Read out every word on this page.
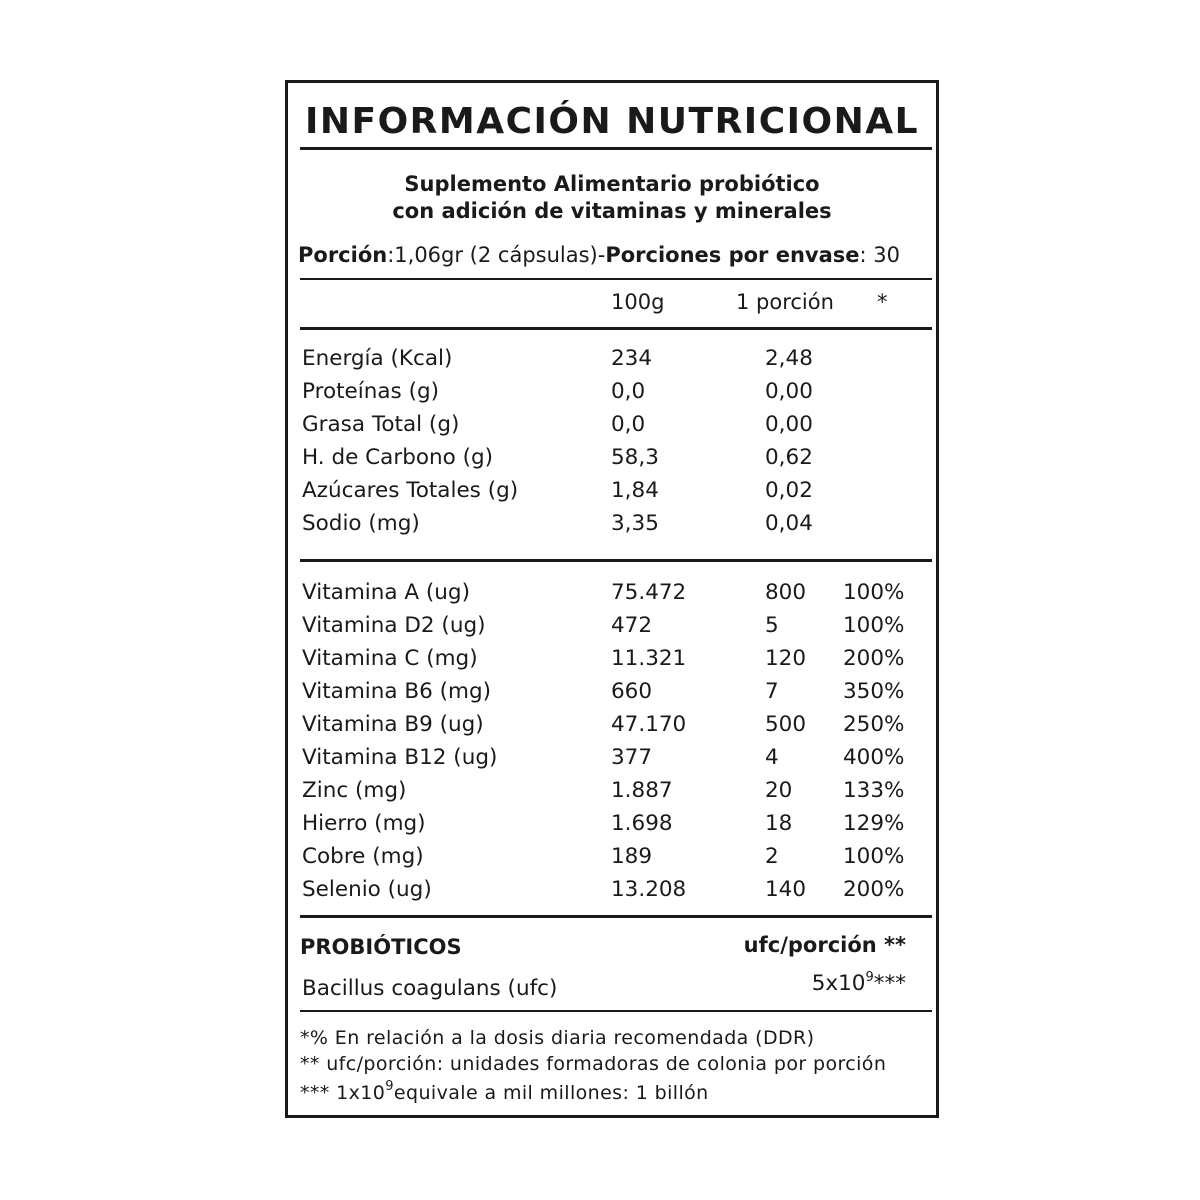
INFORMACIÓN NUTRICIONAL
Suplemento Alimentario probiótico
con adición de vitaminas y minerales
Porción:1,06gr (2 cápsulas)-Porciones por envase: 30
100g	1 porción *
Energía (Kcal)	234	2,48
Proteínas (g)	0,0	0,00
Grasa Total (g)	0,0	0,00
H. de Carbono (g)	58,3	0,62
Azúcares Totales (g)	1,84	0,02
Sodio (mg)	3,35	0,04
Vitamina A (ug)	75.472	800 100%
Vitamina D2 (ug)	472	5	100%
Vitamina C (mg)	11.321	120 200%
Vitamina B6 (mg)	660	7	350%
Vitamina B9 (ug)	47.170	500 250%
Vitamina B12 (ug)	377	4	400%
Zinc (mg)	1.887	20 133%
Hierro (mg)	1.698	18 129%
Cobre (mg)	189	2	100%
Selenio (ug)	13.208	140 200%
PROBIÓTICOS	ufc/porción **
Bacillus coagulans (ufc)	$5x10^9***$
*% En relación a la dosis diaria recomendada (DDR)
** ufc/porción: unidades formadoras de colonia por porción
*** $1x10^9equivale$ a mil millones: 1 billón
